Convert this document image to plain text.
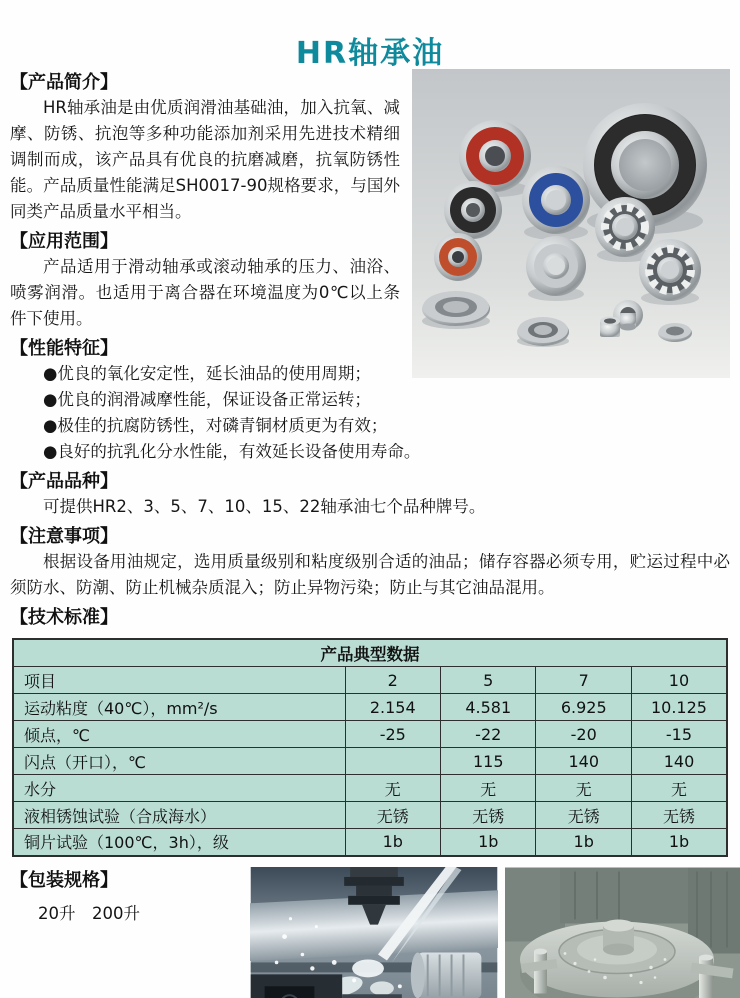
HR轴承油
【产品简介】
HR轴承油是由优质润滑油基础油，加入抗氧、减摩、防锈、抗泡等多种功能添加剂采用先进技术精细调制而成，该产品具有优良的抗磨减磨，抗氧防锈性能。产品质量性能满足SH0017-90规格要求，与国外同类产品质量水平相当。
【应用范围】
产品适用于滑动轴承或滚动轴承的压力、油浴、喷雾润滑。也适用于离合器在环境温度为0℃以上条件下使用。
【性能特征】
●优良的氧化安定性，延长油品的使用周期；
●优良的润滑减摩性能，保证设备正常运转；
●极佳的抗腐防锈性，对磷青铜材质更为有效；
●良好的抗乳化分水性能，有效延长设备使用寿命。
【产品品种】
可提供HR2、3、5、7、10、15、22轴承油七个品种牌号。
【注意事项】
根据设备用油规定，选用质量级别和粘度级别合适的油品；储存容器必须专用，贮运过程中必须防水、防潮、防止机械杂质混入；防止异物污染；防止与其它油品混用。
【技术标准】
产品典型数据				
项目	2	5	7	10
运动粘度（40℃），mm²/s	2.154	4.581	6.925	10.125
倾点，℃	-25	-22	-20	-15
闪点（开口），℃		115	140	140
水分	无	无	无	无
液相锈蚀试验（合成海水）	无锈	无锈	无锈	无锈
铜片试验（100℃，3h），级	1b	1b	1b	1b
【包装规格】
20升　200升
